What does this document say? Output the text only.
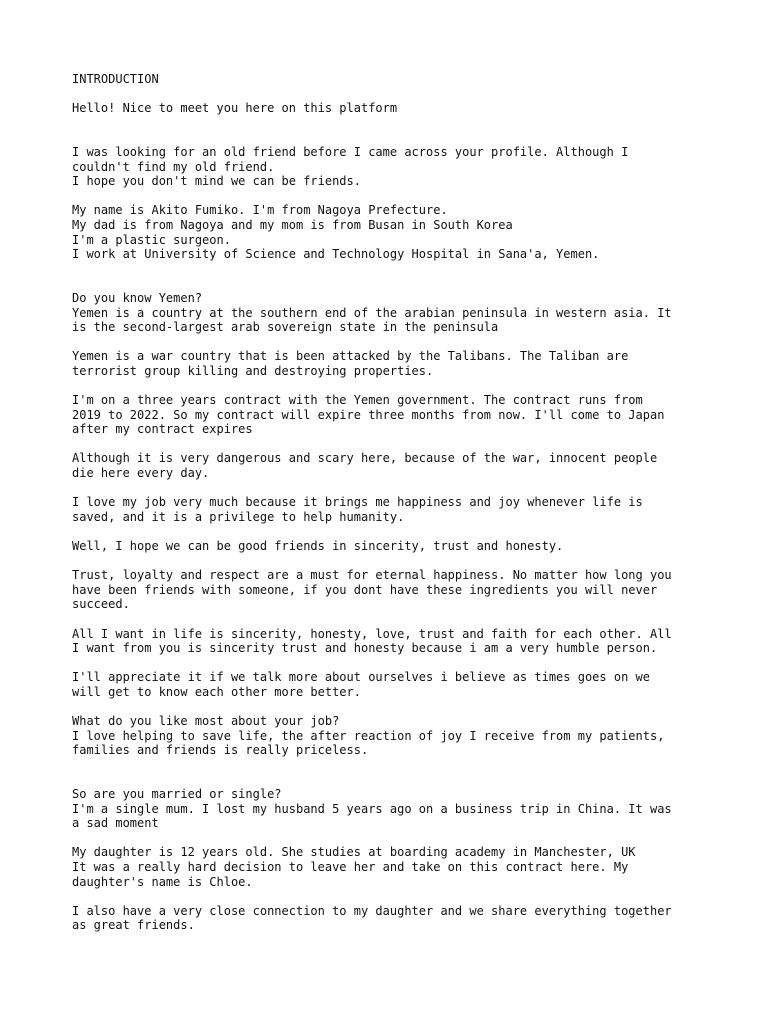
INTRODUCTION
Hello! Nice to meet you here on this platform
I was looking for an old friend before I came across your profile. Although I
couldn't find my old friend.
I hope you don't mind we can be friends.
My name is Akito Fumiko. I'm from Nagoya Prefecture.
My dad is from Nagoya and my mom is from Busan in South Korea
I'm a plastic surgeon.
I work at University of Science and Technology Hospital in Sana'a, Yemen.
Do you know Yemen?
Yemen is a country at the southern end of the arabian peninsula in western asia. It
is the second-largest arab sovereign state in the peninsula
Yemen is a war country that is been attacked by the Talibans. The Taliban are
terrorist group killing and destroying properties.
I'm on a three years contract with the Yemen government. The contract runs from
2019 to 2022. So my contract will expire three months from now. I'll come to Japan
after my contract expires
Although it is very dangerous and scary here, because of the war, innocent people
die here every day.
I love my job very much because it brings me happiness and joy whenever life is
saved, and it is a privilege to help humanity.
Well, I hope we can be good friends in sincerity, trust and honesty.
Trust, loyalty and respect are a must for eternal happiness. No matter how long you
have been friends with someone, if you dont have these ingredients you will never
succeed.
All I want in life is sincerity, honesty, love, trust and faith for each other. All
I want from you is sincerity trust and honesty because i am a very humble person.
I'll appreciate it if we talk more about ourselves i believe as times goes on we
will get to know each other more better.
What do you like most about your job?
I love helping to save life, the after reaction of joy I receive from my patients,
families and friends is really priceless.
So are you married or single?
I'm a single mum. I lost my husband 5 years ago on a business trip in China. It was
a sad moment
My daughter is 12 years old. She studies at boarding academy in Manchester, UK
It was a really hard decision to leave her and take on this contract here. My
daughter's name is Chloe.
I also have a very close connection to my daughter and we share everything together
as great friends.
